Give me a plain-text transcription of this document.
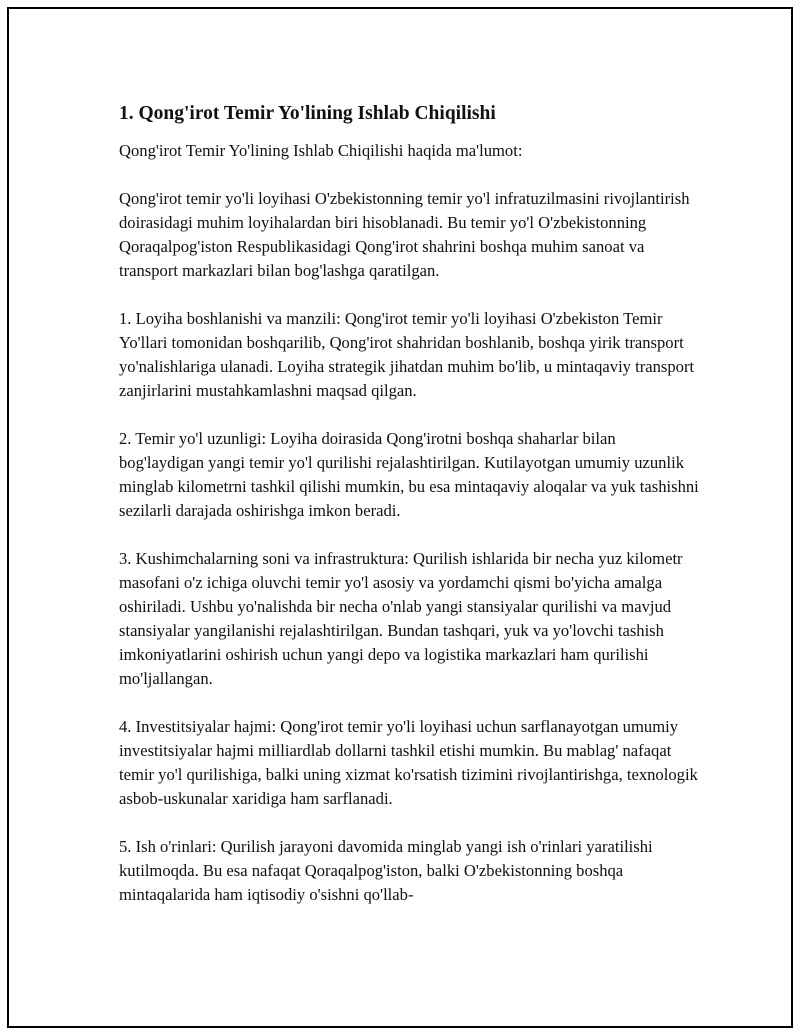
1. Qong'irot Temir Yo'lining Ishlab Chiqilishi

Qong'irot Temir Yo'lining Ishlab Chiqilishi haqida ma'lumot:

Qong'irot temir yo'li loyihasi O'zbekistonning temir yo'l infratuzilmasini rivojlantirish doirasidagi muhim loyihalardan biri hisoblanadi. Bu temir yo'l O'zbekistonning Qoraqalpog'iston Respublikasidagi Qong'irot shahrini boshqa muhim sanoat va transport markazlari bilan bog'lashga qaratilgan.

1. Loyiha boshlanishi va manzili: Qong'irot temir yo'li loyihasi O'zbekiston Temir Yo'llari tomonidan boshqarilib, Qong'irot shahridan boshlanib, boshqa yirik transport yo'nalishlariga ulanadi. Loyiha strategik jihatdan muhim bo'lib, u mintaqaviy transport zanjirlarini mustahkamlashni maqsad qilgan.

2. Temir yo'l uzunligi: Loyiha doirasida Qong'irotni boshqa shaharlar bilan bog'laydigan yangi temir yo'l qurilishi rejalashtirilgan. Kutilayotgan umumiy uzunlik minglab kilometrni tashkil qilishi mumkin, bu esa mintaqaviy aloqalar va yuk tashishni sezilarli darajada oshirishga imkon beradi.

3. Kushimchalarning soni va infrastruktura: Qurilish ishlarida bir necha yuz kilometr masofani o'z ichiga oluvchi temir yo'l asosiy va yordamchi qismi bo'yicha amalga oshiriladi. Ushbu yo'nalishda bir necha o'nlab yangi stansiyalar qurilishi va mavjud stansiyalar yangilanishi rejalashtirilgan. Bundan tashqari, yuk va yo'lovchi tashish imkoniyatlarini oshirish uchun yangi depo va logistika markazlari ham qurilishi mo'ljallangan.

4. Investitsiyalar hajmi: Qong'irot temir yo'li loyihasi uchun sarflanayotgan umumiy investitsiyalar hajmi milliardlab dollarni tashkil etishi mumkin. Bu mablag' nafaqat temir yo'l qurilishiga, balki uning xizmat ko'rsatish tizimini rivojlantirishga, texnologik asbob-uskunalar xaridiga ham sarflanadi.

5. Ish o'rinlari: Qurilish jarayoni davomida minglab yangi ish o'rinlari yaratilishi kutilmoqda. Bu esa nafaqat Qoraqalpog'iston, balki O'zbekistonning boshqa mintaqalarida ham iqtisodiy o'sishni qo'llab-
